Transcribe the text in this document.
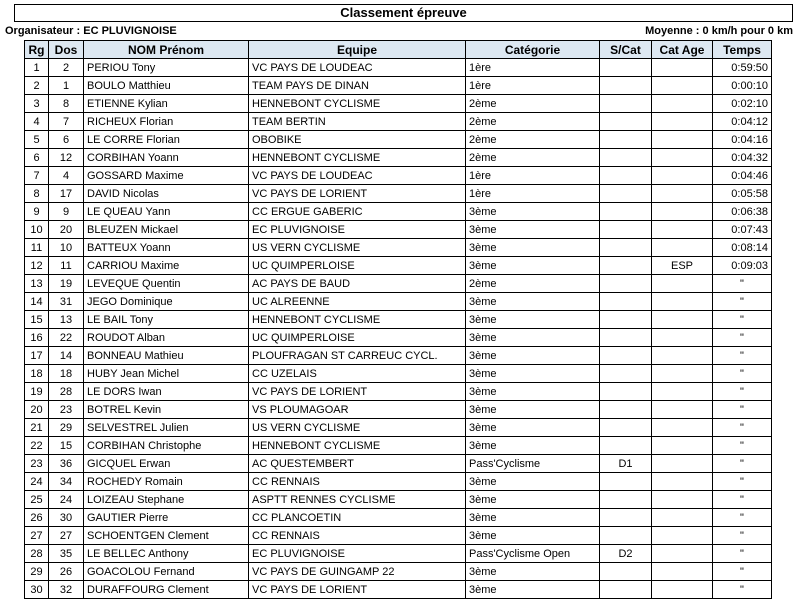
Classement épreuve
Organisateur : EC PLUVIGNOISE	Moyenne : 0 km/h pour 0 km
Rg	Dos	NOM Prénom	Equipe	Catégorie	S/Cat	Cat Age	Temps
1	2	PERIOU Tony	VC PAYS DE LOUDEAC	1ère			0:59:50
2	1	BOULO Matthieu	TEAM PAYS DE DINAN	1ère			0:00:10
3	8	ETIENNE Kylian	HENNEBONT CYCLISME	2ème			0:02:10
4	7	RICHEUX Florian	TEAM BERTIN	2ème			0:04:12
5	6	LE CORRE Florian	OBOBIKE	2ème			0:04:16
6	12	CORBIHAN Yoann	HENNEBONT CYCLISME	2ème			0:04:32
7	4	GOSSARD Maxime	VC PAYS DE LOUDEAC	1ère			0:04:46
8	17	DAVID Nicolas	VC PAYS DE LORIENT	1ère			0:05:58
9	9	LE QUEAU Yann	CC ERGUE GABERIC	3ème			0:06:38
10	20	BLEUZEN Mickael	EC PLUVIGNOISE	3ème			0:07:43
11	10	BATTEUX Yoann	US VERN CYCLISME	3ème			0:08:14
12	11	CARRIOU Maxime	UC QUIMPERLOISE	3ème		ESP	0:09:03
13	19	LEVEQUE Quentin	AC PAYS DE BAUD	2ème			"
14	31	JEGO Dominique	UC ALREENNE	3ème			"
15	13	LE BAIL Tony	HENNEBONT CYCLISME	3ème			"
16	22	ROUDOT Alban	UC QUIMPERLOISE	3ème			"
17	14	BONNEAU Mathieu	PLOUFRAGAN ST CARREUC CYCL.	3ème			"
18	18	HUBY Jean Michel	CC UZELAIS	3ème			"
19	28	LE DORS Iwan	VC PAYS DE LORIENT	3ème			"
20	23	BOTREL Kevin	VS PLOUMAGOAR	3ème			"
21	29	SELVESTREL Julien	US VERN CYCLISME	3ème			"
22	15	CORBIHAN Christophe	HENNEBONT CYCLISME	3ème			"
23	36	GICQUEL Erwan	AC QUESTEMBERT	Pass'Cyclisme	D1		"
24	34	ROCHEDY Romain	CC RENNAIS	3ème			"
25	24	LOIZEAU Stephane	ASPTT RENNES CYCLISME	3ème			"
26	30	GAUTIER Pierre	CC PLANCOETIN	3ème			"
27	27	SCHOENTGEN Clement	CC RENNAIS	3ème			"
28	35	LE BELLEC Anthony	EC PLUVIGNOISE	Pass'Cyclisme Open	D2		"
29	26	GOACOLOU Fernand	VC PAYS DE GUINGAMP 22	3ème			"
30	32	DURAFFOURG Clement	VC PAYS DE LORIENT	3ème			"
